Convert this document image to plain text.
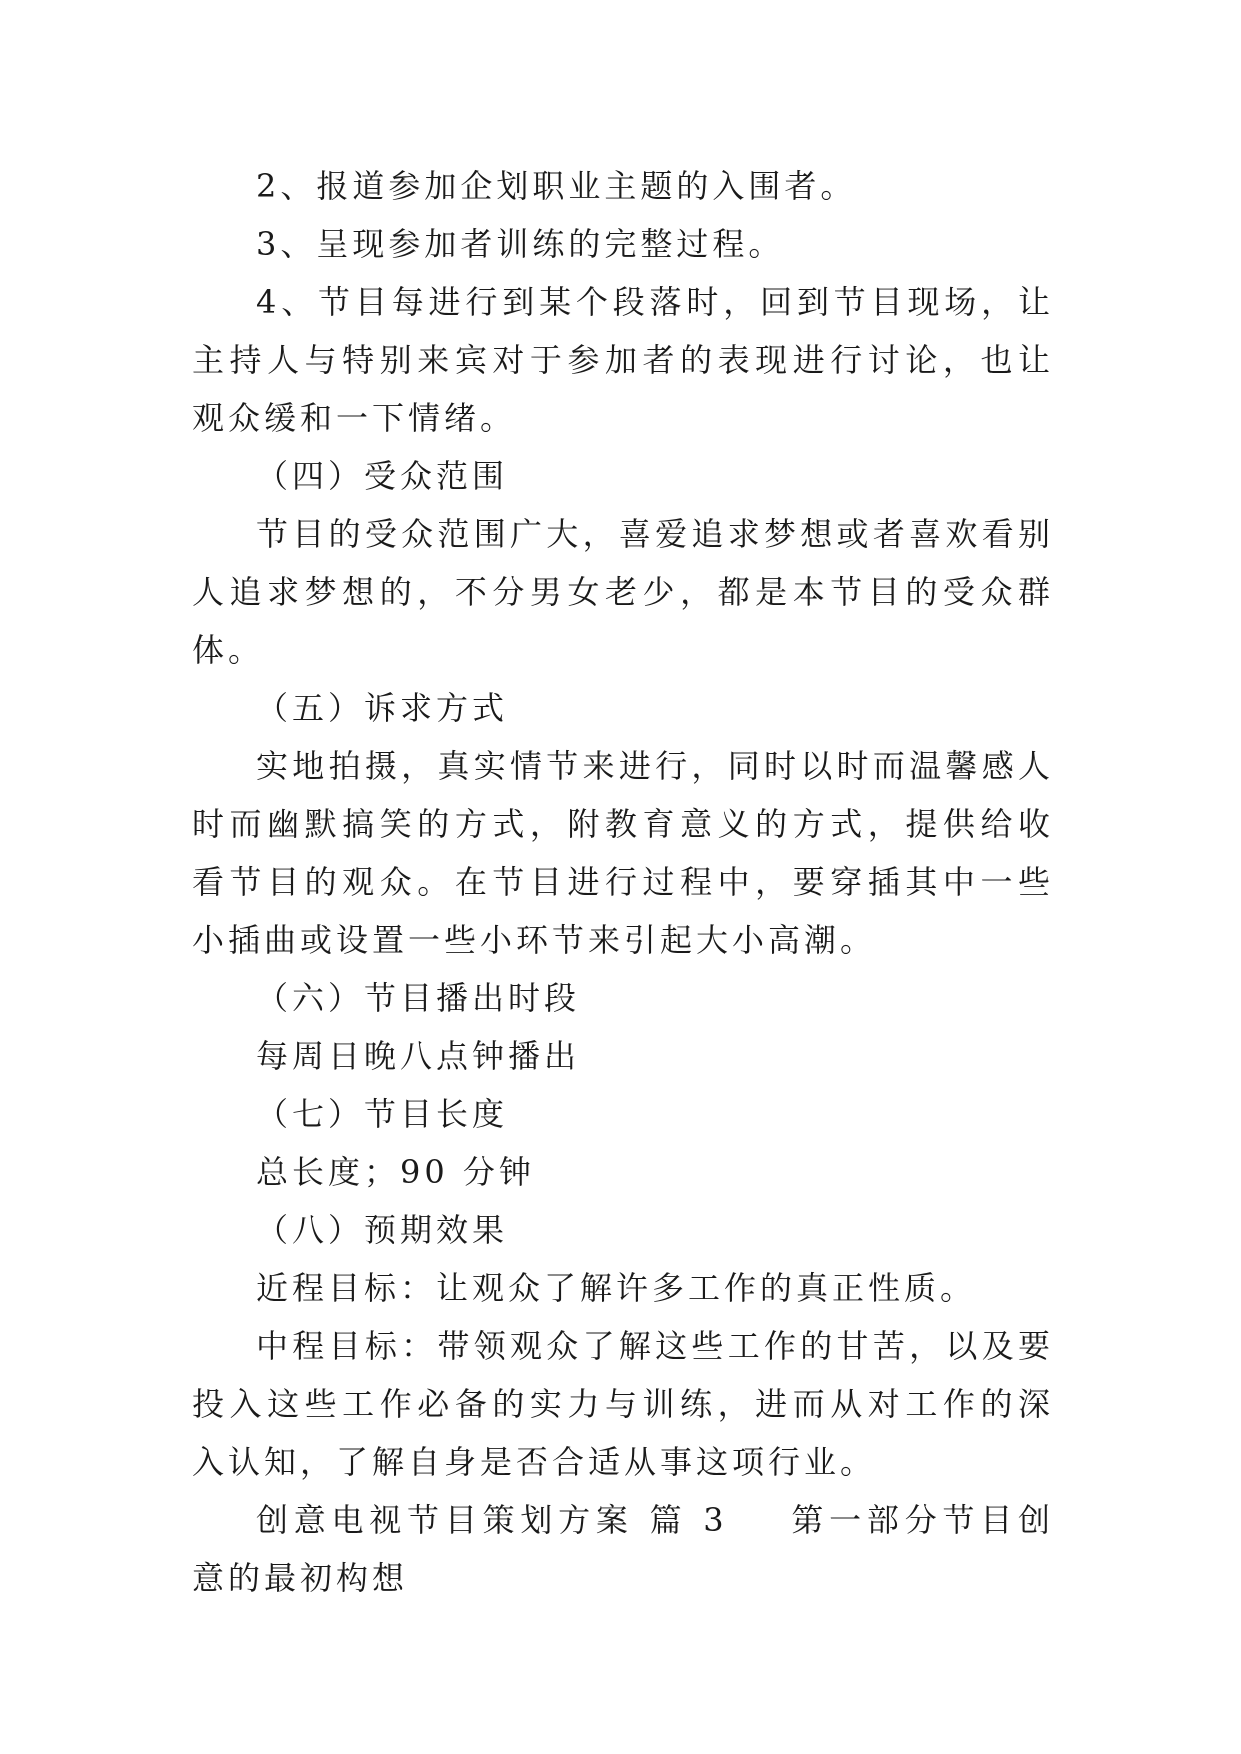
2、报道参加企划职业主题的入围者。

3、呈现参加者训练的完整过程。

4、节目每进行到某个段落时，回到节目现场，让主持人与特别来宾对于参加者的表现进行讨论，也让观众缓和一下情绪。

（四）受众范围

节目的受众范围广大，喜爱追求梦想或者喜欢看别人追求梦想的，不分男女老少，都是本节目的受众群体。

（五）诉求方式

实地拍摄，真实情节来进行，同时以时而温馨感人时而幽默搞笑的方式，附教育意义的方式，提供给收看节目的观众。在节目进行过程中，要穿插其中一些小插曲或设置一些小环节来引起大小高潮。

（六）节目播出时段

每周日晚八点钟播出

（七）节目长度

总长度；90 分钟

（八）预期效果

近程目标：让观众了解许多工作的真正性质。

中程目标：带领观众了解这些工作的甘苦，以及要投入这些工作必备的实力与训练，进而从对工作的深入认知，了解自身是否合适从事这项行业。

创意电视节目策划方案 篇 3 第一部分节目创意的最初构想
